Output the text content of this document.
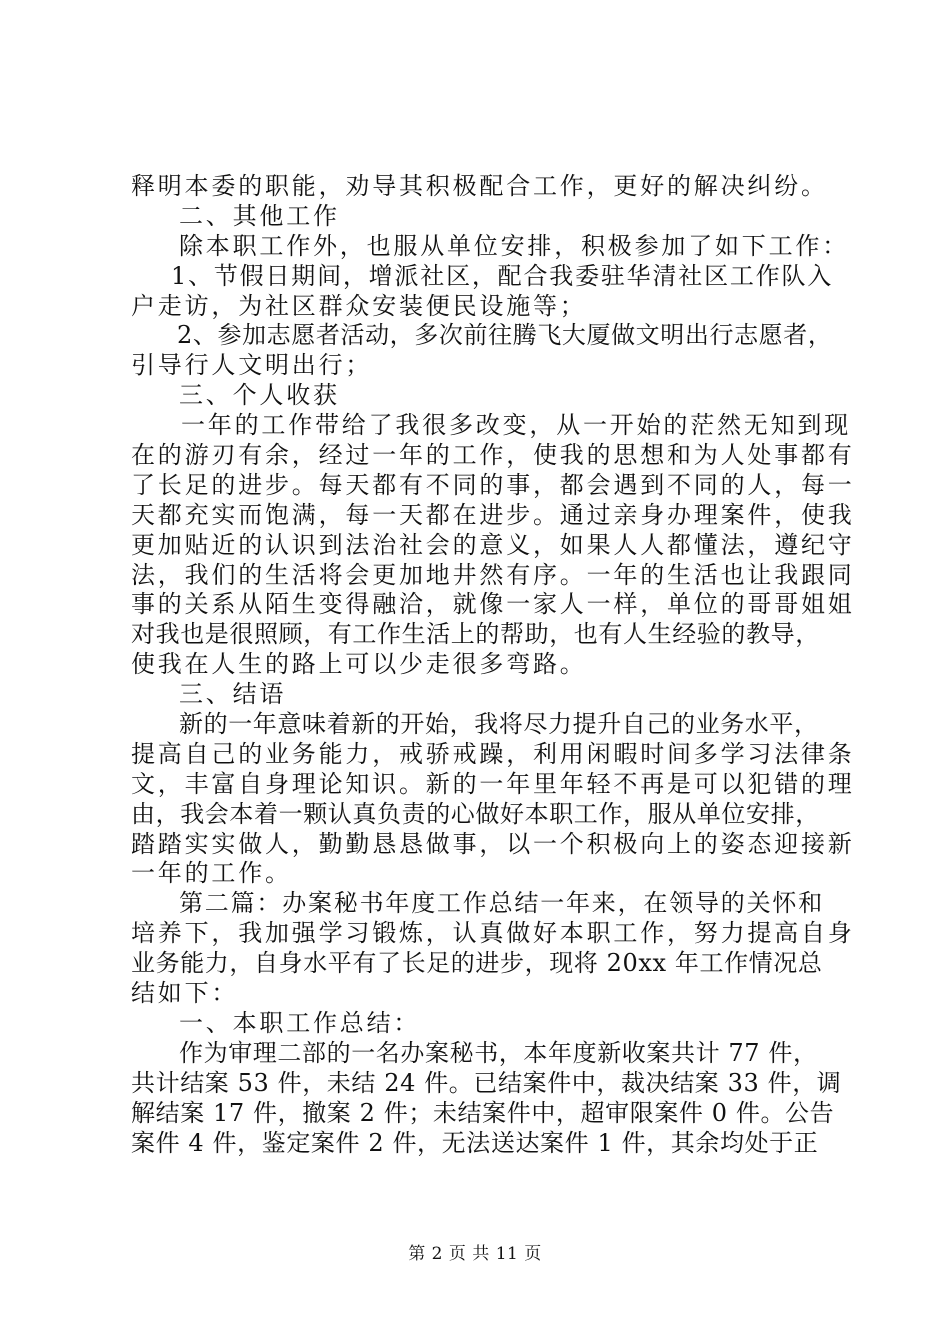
释明本委的职能，劝导其积极配合工作，更好的解决纠纷。
二、其他工作
除本职工作外，也服从单位安排，积极参加了如下工作：
1、节假日期间，增派社区，配合我委驻华清社区工作队入
户走访，为社区群众安装便民设施等；
2、参加志愿者活动，多次前往腾飞大厦做文明出行志愿者，
引导行人文明出行；
三、个人收获
一年的工作带给了我很多改变，从一开始的茫然无知到现
在的游刃有余，经过一年的工作，使我的思想和为人处事都有
了长足的进步。每天都有不同的事，都会遇到不同的人，每一
天都充实而饱满，每一天都在进步。通过亲身办理案件，使我
更加贴近的认识到法治社会的意义，如果人人都懂法，遵纪守
法，我们的生活将会更加地井然有序。一年的生活也让我跟同
事的关系从陌生变得融洽，就像一家人一样，单位的哥哥姐姐
对我也是很照顾，有工作生活上的帮助，也有人生经验的教导，
使我在人生的路上可以少走很多弯路。
三、结语
新的一年意味着新的开始，我将尽力提升自己的业务水平，
提高自己的业务能力，戒骄戒躁，利用闲暇时间多学习法律条
文，丰富自身理论知识。新的一年里年轻不再是可以犯错的理
由，我会本着一颗认真负责的心做好本职工作，服从单位安排，
踏踏实实做人，勤勤恳恳做事，以一个积极向上的姿态迎接新
一年的工作。
第二篇：办案秘书年度工作总结一年来，在领导的关怀和
培养下，我加强学习锻炼，认真做好本职工作，努力提高自身
业务能力，自身水平有了长足的进步，现将 20xx 年工作情况总
结如下：
一、本职工作总结：
作为审理二部的一名办案秘书，本年度新收案共计 77 件，
共计结案 53 件，未结 24 件。已结案件中，裁决结案 33 件，调
解结案 17 件，撤案 2 件；未结案件中，超审限案件 0 件。公告
案件 4 件，鉴定案件 2 件，无法送达案件 1 件，其余均处于正
第 2 页 共 11 页
